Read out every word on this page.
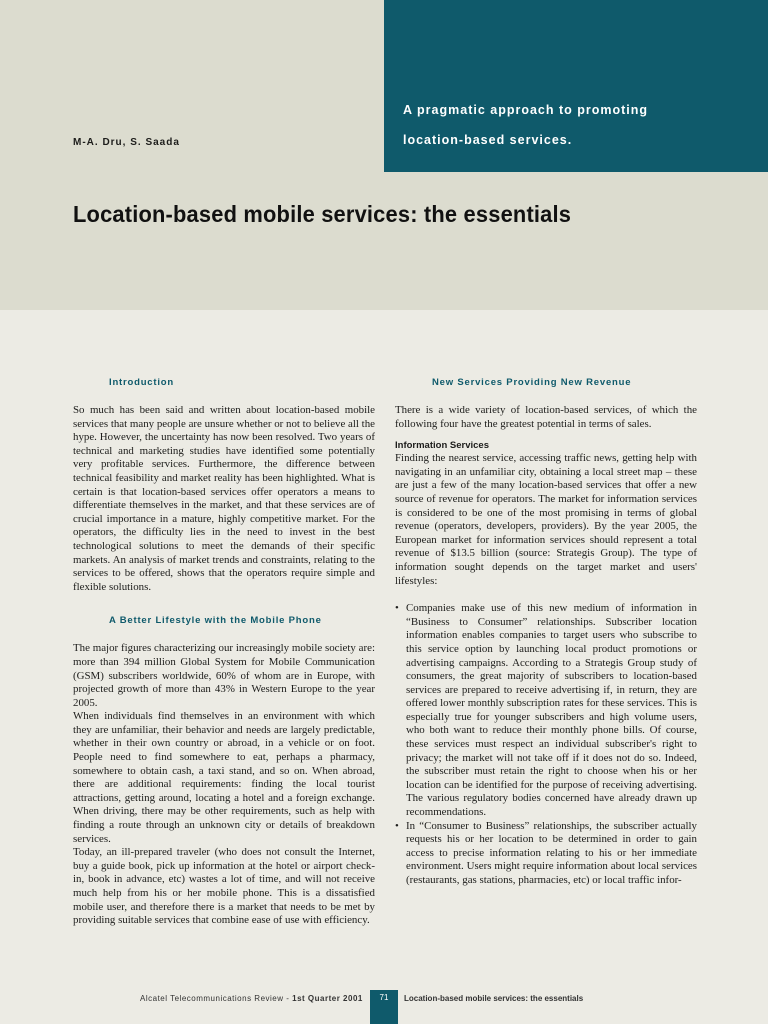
A pragmatic approach to promoting
location-based services.
M-A. Dru, S. Saada
Location-based mobile services: the essentials
Introduction

So much has been said and written about location-based mobile services that many people are unsure whether or not to believe all the hype. However, the uncertainty has now been resolved. Two years of technical and marketing studies have identified some potentially very profitable services. Furthermore, the difference between technical feasibility and market reality has been highlighted. What is certain is that location-based services offer operators a means to differentiate themselves in the market, and that these services are of crucial importance in a mature, highly competitive market. For the operators, the difficulty lies in the need to invest in the best technological solutions to meet the demands of their specific markets. An analysis of market trends and constraints, relating to the services to be offered, shows that the operators require simple and flexible solutions.

A Better Lifestyle with the Mobile Phone

The major figures characterizing our increasingly mobile society are: more than 394 million Global System for Mobile Communication (GSM) subscribers worldwide, 60% of whom are in Europe, with projected growth of more than 43% in Western Europe to the year 2005.

When individuals find themselves in an environment with which they are unfamiliar, their behavior and needs are largely predictable, whether in their own country or abroad, in a vehicle or on foot. People need to find somewhere to eat, perhaps a pharmacy, somewhere to obtain cash, a taxi stand, and so on. When abroad, there are additional requirements: finding the local tourist attractions, getting around, locating a hotel and a foreign exchange. When driving, there may be other requirements, such as help with finding a route through an unknown city or details of breakdown services.

Today, an ill-prepared traveler (who does not consult the Internet, buy a guide book, pick up information at the hotel or airport check-in, book in advance, etc) wastes a lot of time, and will not receive much help from his or her mobile phone. This is a dissatisfied mobile user, and therefore there is a market that needs to be met by providing suitable services that combine ease of use with efficiency.

New Services Providing New Revenue

There is a wide variety of location-based services, of which the following four have the greatest potential in terms of sales.

Information Services

Finding the nearest service, accessing traffic news, getting help with navigating in an unfamiliar city, obtaining a local street map – these are just a few of the many location-based services that offer a new source of revenue for operators. The market for information services is considered to be one of the most promising in terms of global revenue (operators, developers, providers). By the year 2005, the European market for information services should represent a total revenue of $13.5 billion (source: Strategis Group). The type of information sought depends on the target market and users' lifestyles:

• Companies make use of this new medium of information in “Business to Consumer” relationships. Subscriber location information enables companies to target users who subscribe to this service option by launching local product promotions or advertising campaigns. According to a Strategis Group study of consumers, the great majority of subscribers to location-based services are prepared to receive advertising if, in return, they are offered lower monthly subscription rates for these services. This is especially true for younger subscribers and high volume users, who both want to reduce their monthly phone bills. Of course, these services must respect an individual subscriber's right to privacy; the market will not take off if it does not do so. Indeed, the subscriber must retain the right to choose when his or her location can be identified for the purpose of receiving advertising. The various regulatory bodies concerned have already drawn up recommendations.
• In “Consumer to Business” relationships, the subscriber actually requests his or her location to be determined in order to gain access to precise information relating to his or her immediate environment. Users might require information about local services (restaurants, gas stations, pharmacies, etc) or local traffic infor-
Alcatel Telecommunications Review - 1st Quarter 2001	71	Location-based mobile services: the essentials
